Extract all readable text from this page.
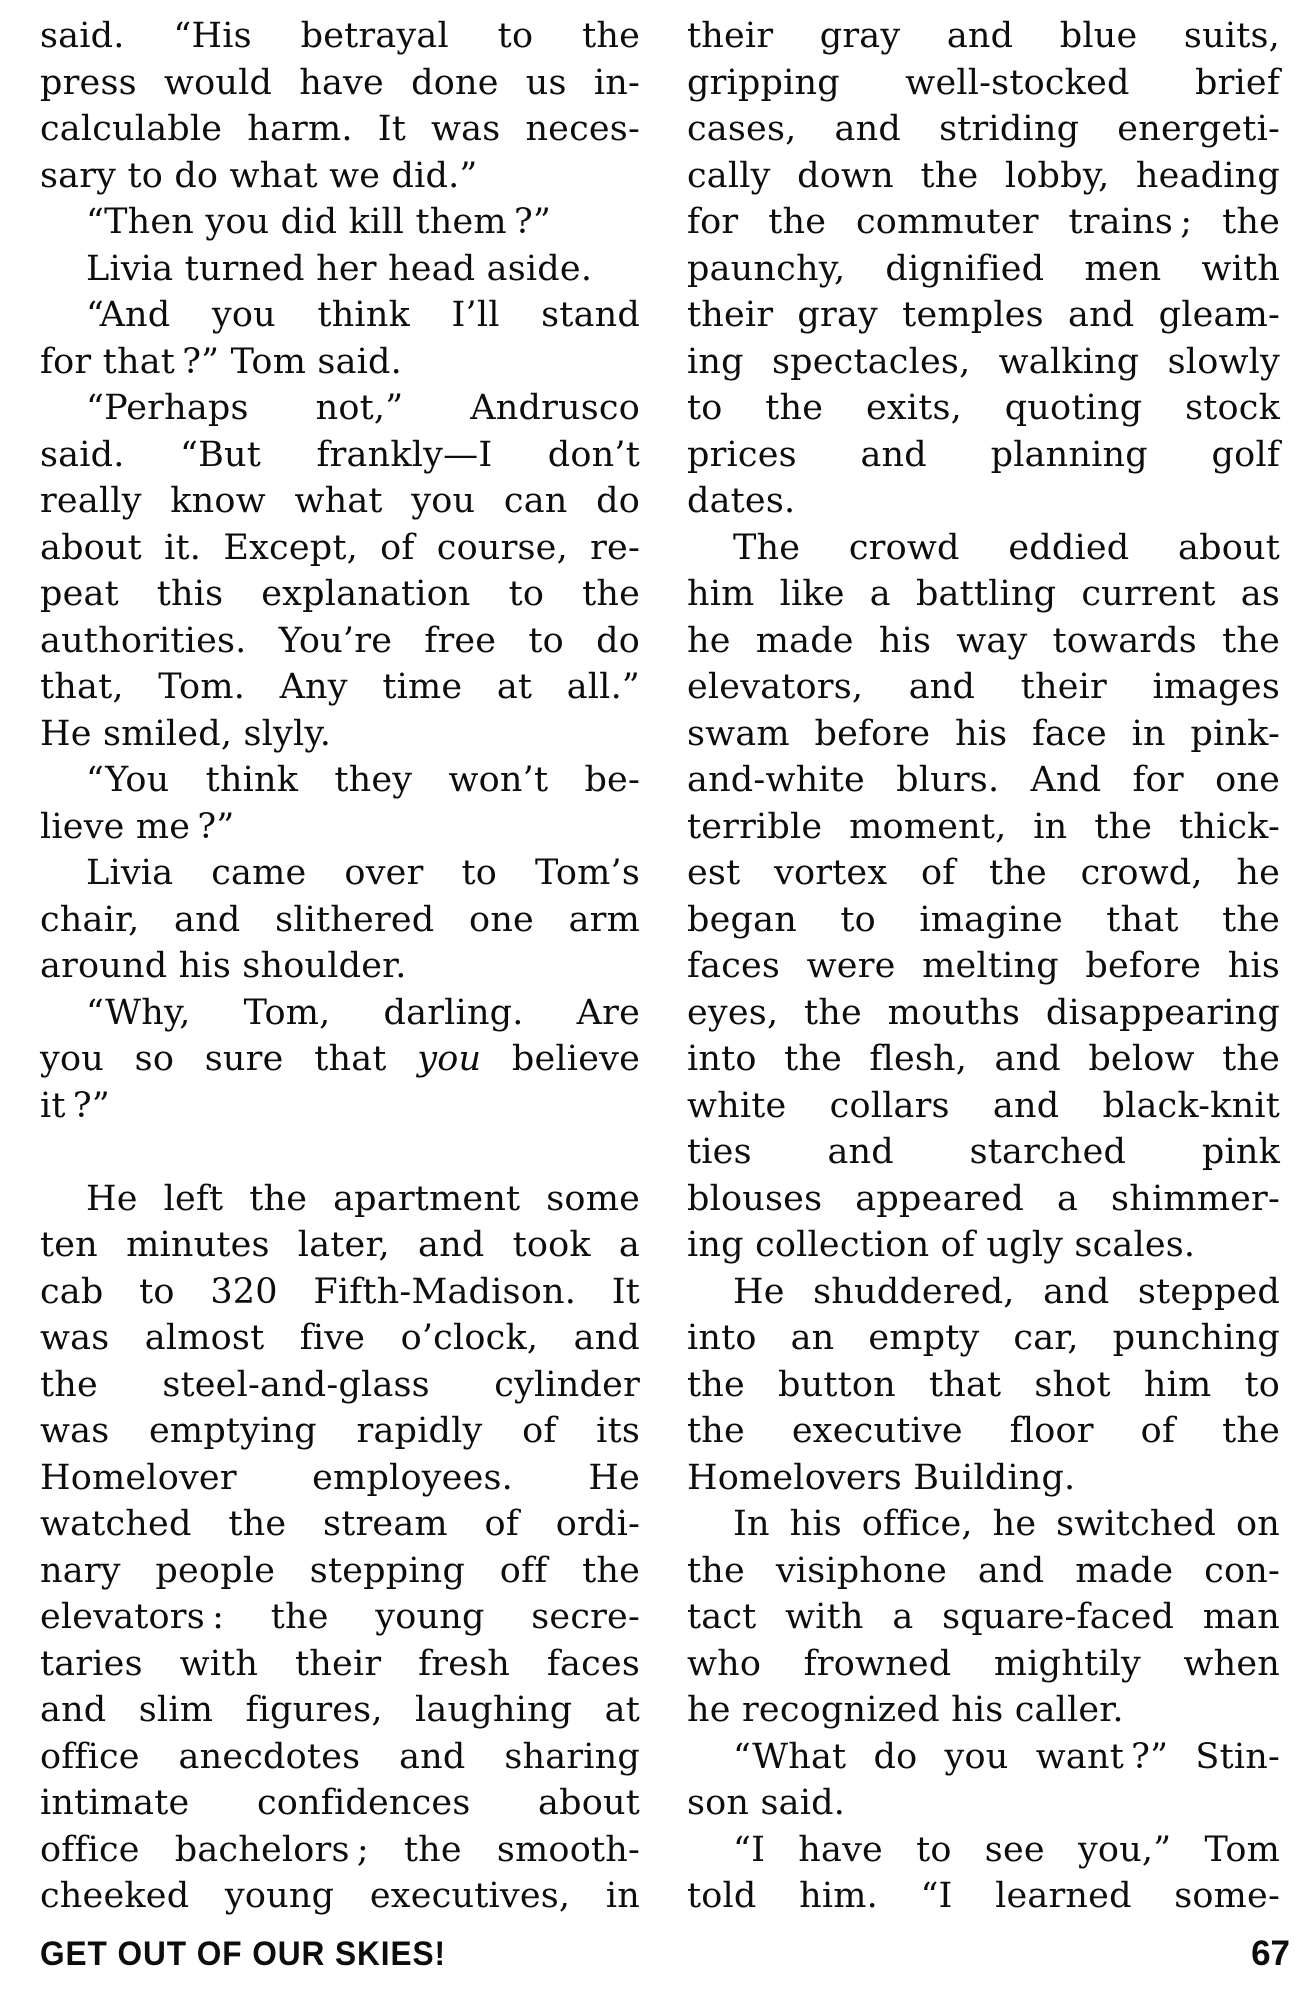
said. “His betrayal to the
press would have done us in-
calculable harm. It was neces-
sary to do what we did.”
“Then you did kill them ?”
Livia turned her head aside.
“And you think I’ll stand
for that ?” Tom said.
“Perhaps not,” Andrusco
said. “But frankly—I don’t
really know what you can do
about it. Except, of course, re-
peat this explanation to the
authorities. You’re free to do
that, Tom. Any time at all.”
He smiled, slyly.
“You think they won’t be-
lieve me ?”
Livia came over to Tom’s
chair, and slithered one arm
around his shoulder.
“Why, Tom, darling. Are
you so sure that you believe
it ?”
He left the apartment some
ten minutes later, and took a
cab to 320 Fifth-Madison. It
was almost five o’clock, and
the steel-and-glass cylinder
was emptying rapidly of its
Homelover employees. He
watched the stream of ordi-
nary people stepping off the
elevators : the young secre-
taries with their fresh faces
and slim figures, laughing at
office anecdotes and sharing
intimate confidences about
office bachelors ; the smooth-
cheeked young executives, in
their gray and blue suits,
gripping well-stocked brief
cases, and striding energeti-
cally down the lobby, heading
for the commuter trains ; the
paunchy, dignified men with
their gray temples and gleam-
ing spectacles, walking slowly
to the exits, quoting stock
prices and planning golf
dates.
The crowd eddied about
him like a battling current as
he made his way towards the
elevators, and their images
swam before his face in pink-
and-white blurs. And for one
terrible moment, in the thick-
est vortex of the crowd, he
began to imagine that the
faces were melting before his
eyes, the mouths disappearing
into the flesh, and below the
white collars and black-knit
ties and starched pink
blouses appeared a shimmer-
ing collection of ugly scales.
He shuddered, and stepped
into an empty car, punching
the button that shot him to
the executive floor of the
Homelovers Building.
In his office, he switched on
the visiphone and made con-
tact with a square-faced man
who frowned mightily when
he recognized his caller.
“What do you want ?” Stin-
son said.
“I have to see you,” Tom
told him. “I learned some-
GET OUT OF OUR SKIES!	67
